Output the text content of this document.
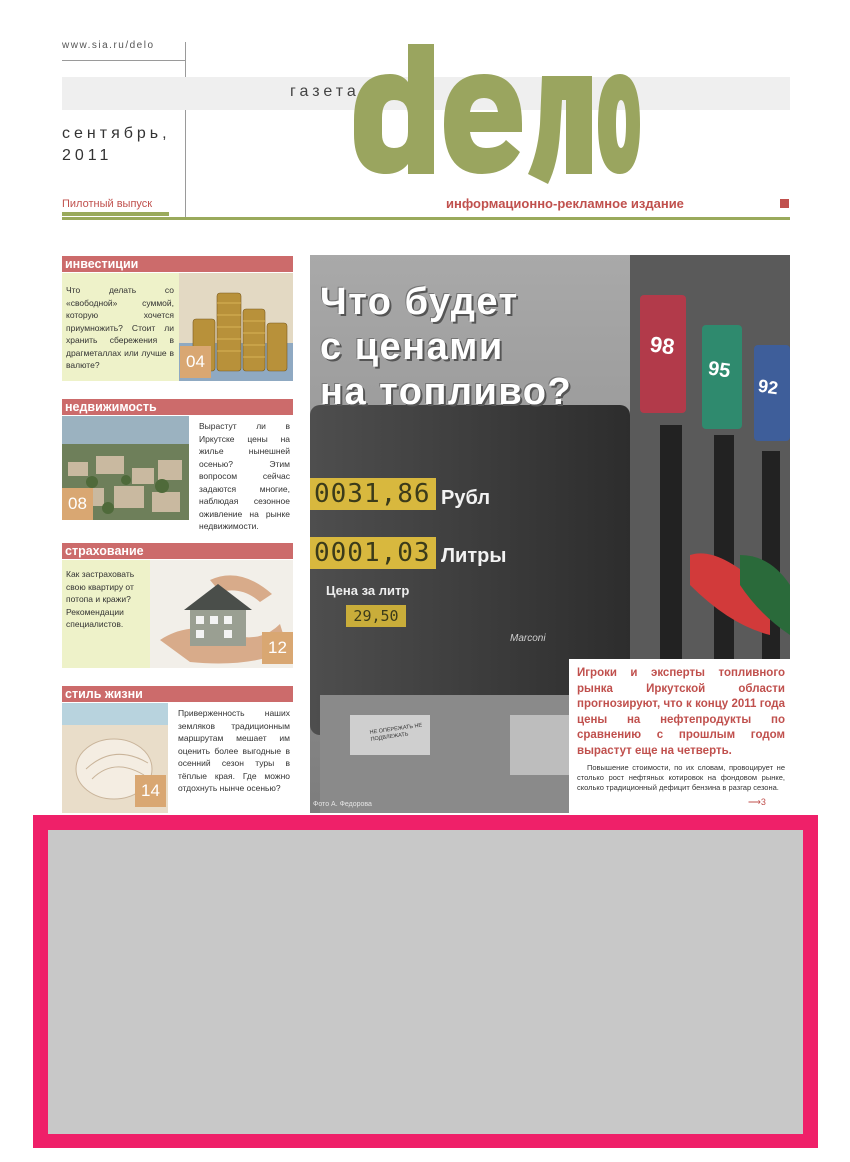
www.sia.ru/delo
газета
сентябрь,
2011
Пилотный выпуск	информационно-рекламное издание
инвестиции
Что делать со «свободной» суммой, которую хочется приумножить? Стоит ли хранить сбережения в драгметаллах или лучше в валюте?	04
недвижимость
08
Вырастут ли в Иркутске цены на жилье нынешней осенью? Этим вопросом сейчас задаются многие, наблюдая сезонное оживление на рынке недвижимости.
страхование
Как застраховать свою квартиру от потопа и кражи? Рекомендации специалистов.
12
стиль жизни
14
Приверженность наших земляков традиционным маршрутам мешает им оценить более выгодные в осенний сезон туры в тёплые края. Где можно отдохнуть нынче осенью?
0031,86 Рубл
0001,03 Литры
Цена за литр
29,50
Marconi
НЕ ОПЕРЕЖАТЬ НЕ ПОДВЛЕЖАТЬ
98
95
92
Что будет
с ценами
на топливо?
Фото А. Федорова
Игроки и эксперты топливного рынка Иркутской области прогнозируют, что к концу 2011 года цены на нефтепродукты по сравнению с прошлым годом вырастут еще на четверть.
Повышение стоимости, по их словам, провоцирует не столько рост нефтяных котировок на фондовом рынке, сколько традиционный дефицит бензина в разгар сезона.
⟶3
